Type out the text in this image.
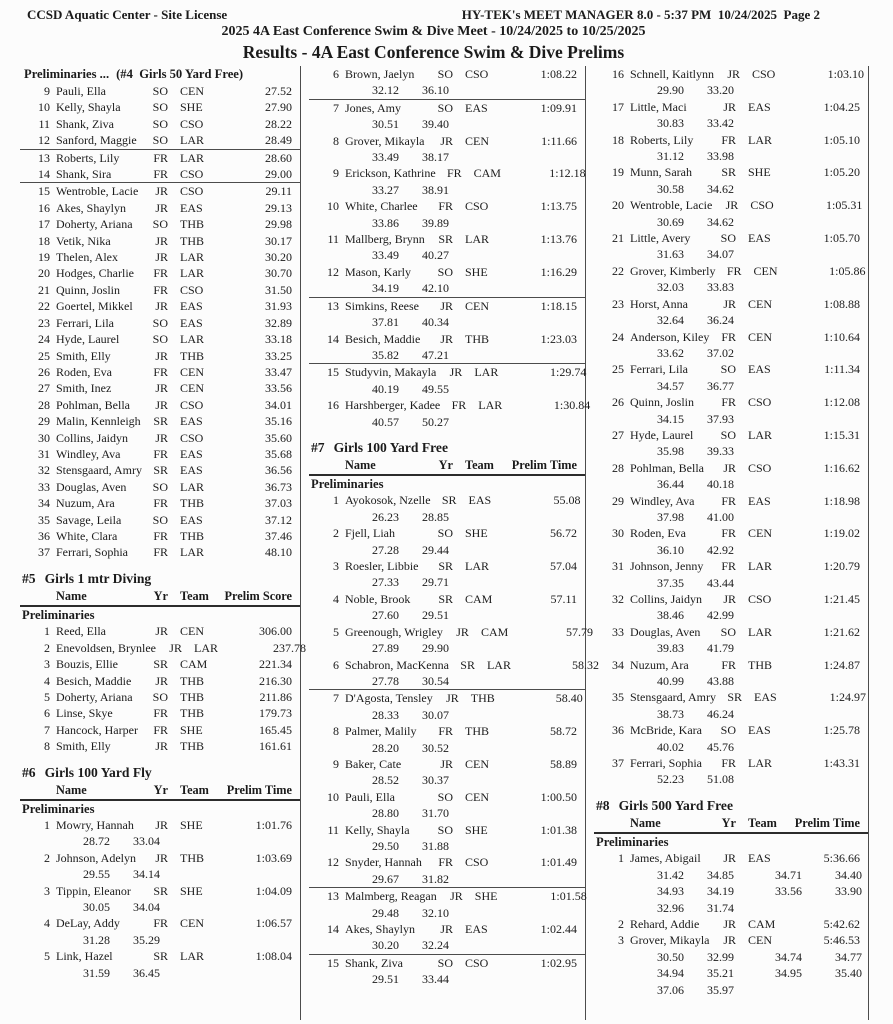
CCSD Aquatic Center - Site License	HY-TEK's MEET MANAGER 8.0 - 5:37 PM  10/24/2025  Page 2
2025 4A East Conference Swim & Dive Meet - 10/24/2025 to 10/25/2025
Results - 4A East Conference Swim & Dive Prelims
Preliminaries ... (#4  Girls 50 Yard Free)
9 Pauli, Ella	SO	CEN	27.52
10 Kelly, Shayla	SO	SHE	27.90
11 Shank, Ziva	SO	CSO	28.22
12 Sanford, Maggie	SO	LAR	28.49
13 Roberts, Lily	FR	LAR	28.60
14 Shank, Sira	FR	CSO	29.00
15 Wentroble, Lacie	JR	CSO	29.11
16 Akes, Shaylyn	JR	EAS	29.13
17 Doherty, Ariana	SO	THB	29.98
18 Vetik, Nika	JR	THB	30.17
19 Thelen, Alex	JR	LAR	30.20
20 Hodges, Charlie	FR	LAR	30.70
21 Quinn, Joslin	FR	CSO	31.50
22 Goertel, Mikkel	JR	EAS	31.93
23 Ferrari, Lila	SO	EAS	32.89
24 Hyde, Laurel	SO	LAR	33.18
25 Smith, Elly	JR	THB	33.25
26 Roden, Eva	FR	CEN	33.47
27 Smith, Inez	JR	CEN	33.56
28 Pohlman, Bella	JR	CSO	34.01
29 Malin, Kennleigh	SR	EAS	35.16
30 Collins, Jaidyn	JR	CSO	35.60
31 Windley, Ava	FR	EAS	35.68
32 Stensgaard, Amry SR	EAS	36.56
33 Douglas, Aven	SO	LAR	36.73
34 Nuzum, Ara	FR	THB	37.03
35 Savage, Leila	SO	EAS	37.12
36 White, Clara	FR	THB	37.46
37 Ferrari, Sophia	FR	LAR	48.10
#5 Girls 1 mtr Diving
Name	Yr Team	Prelim Score
Preliminaries
1 Reed, Ella	JR	CEN	306.00
2 Enevoldsen, Brynlee	JR	LAR	237.78
3 Bouzis, Ellie	SR	CAM	221.34
4 Besich, Maddie	JR	THB	216.30
5 Doherty, Ariana	SO	THB	211.86
6 Linse, Skye	FR	THB	179.73
7 Hancock, Harper	FR	SHE	165.45
8 Smith, Elly	JR	THB	161.61
#6 Girls 100 Yard Fly
Name	Yr Team	Prelim Time
Preliminaries
1 Mowry, Hannah	JR	SHE	1:01.76
28.72	33.04
2 Johnson, Adelyn	JR	THB	1:03.69
29.55	34.14
3 Tippin, Eleanor	SR	SHE	1:04.09
30.05	34.04
4 DeLay, Addy	FR	CEN	1:06.57
31.28	35.29
5 Link, Hazel	SR	LAR	1:08.04
31.59	36.45
6 Brown, Jaelyn	SO	CSO	1:08.22
32.12	36.10
7 Jones, Amy	SO	EAS	1:09.91
30.51	39.40
8 Grover, Mikayla	JR	CEN	1:11.66
33.49	38.17
9 Erickson, Kathrine FR	CAM	1:12.18
33.27	38.91
10 White, Charlee	FR	CSO	1:13.75
33.86	39.89
11 Mallberg, Brynn	SR	LAR	1:13.76
33.49	40.27
12 Mason, Karly	SO	SHE	1:16.29
34.19	42.10
13 Simkins, Reese	JR	CEN	1:18.15
37.81	40.34
14 Besich, Maddie	JR	THB	1:23.03
35.82	47.21
15 Studyvin, Makayla	JR	LAR	1:29.74
40.19	49.55
16 Harshberger, Kadee FR	LAR	1:30.84
40.57	50.27
#7 Girls 100 Yard Free
Name	Yr Team	Prelim Time
Preliminaries
1 Ayokosok, Nzelle SR	EAS	55.08
26.23	28.85
2 Fjell, Liah	SO	SHE	56.72
27.28	29.44
3 Roesler, Libbie	SR	LAR	57.04
27.33	29.71
4 Noble, Brook	SR	CAM	57.11
27.60	29.51
5 Greenough, Wrigley	JR	CAM	57.79
27.89	29.90
6 Schabron, MacKenna SR	LAR	58.32
27.78	30.54
7 D'Agosta, Tensley	JR	THB	58.40
28.33	30.07
8 Palmer, Malily	FR	THB	58.72
28.20	30.52
9 Baker, Cate	JR	CEN	58.89
28.52	30.37
10 Pauli, Ella	SO	CEN	1:00.50
28.80	31.70
11 Kelly, Shayla	SO	SHE	1:01.38
29.50	31.88
12 Snyder, Hannah	FR	CSO	1:01.49
29.67	31.82
13 Malmberg, Reagan	JR	SHE	1:01.58
29.48	32.10
14 Akes, Shaylyn	JR	EAS	1:02.44
30.20	32.24
15 Shank, Ziva	SO	CSO	1:02.95
29.51	33.44
16 Schnell, Kaitlynn	JR	CSO	1:03.10
29.90	33.20
17 Little, Maci	JR	EAS	1:04.25
30.83	33.42
18 Roberts, Lily	FR	LAR	1:05.10
31.12	33.98
19 Munn, Sarah	SR	SHE	1:05.20
30.58	34.62
20 Wentroble, Lacie	JR	CSO	1:05.31
30.69	34.62
21 Little, Avery	SO	EAS	1:05.70
31.63	34.07
22 Grover, Kimberly FR	CEN	1:05.86
32.03	33.83
23 Horst, Anna	JR	CEN	1:08.88
32.64	36.24
24 Anderson, Kiley FR	CEN	1:10.64
33.62	37.02
25 Ferrari, Lila	SO	EAS	1:11.34
34.57	36.77
26 Quinn, Joslin	FR	CSO	1:12.08
34.15	37.93
27 Hyde, Laurel	SO	LAR	1:15.31
35.98	39.33
28 Pohlman, Bella	JR	CSO	1:16.62
36.44	40.18
29 Windley, Ava	FR	EAS	1:18.98
37.98	41.00
30 Roden, Eva	FR	CEN	1:19.02
36.10	42.92
31 Johnson, Jenny	FR	LAR	1:20.79
37.35	43.44
32 Collins, Jaidyn	JR	CSO	1:21.45
38.46	42.99
33 Douglas, Aven	SO	LAR	1:21.62
39.83	41.79
34 Nuzum, Ara	FR	THB	1:24.87
40.99	43.88
35 Stensgaard, Amry SR	EAS	1:24.97
38.73	46.24
36 McBride, Kara	SO	EAS	1:25.78
40.02	45.76
37 Ferrari, Sophia	FR	LAR	1:43.31
52.23	51.08
#8 Girls 500 Yard Free
Name	Yr Team	Prelim Time
Preliminaries
1 James, Abigail	JR	EAS	5:36.66
31.42	34.85	34.71	34.40
34.93	34.19	33.56	33.90
32.96	31.74
2 Rehard, Addie	JR	CAM	5:42.62
3 Grover, Mikayla	JR	CEN	5:46.53
30.50	32.99	34.74	34.77
34.94	35.21	34.95	35.40
37.06	35.97
